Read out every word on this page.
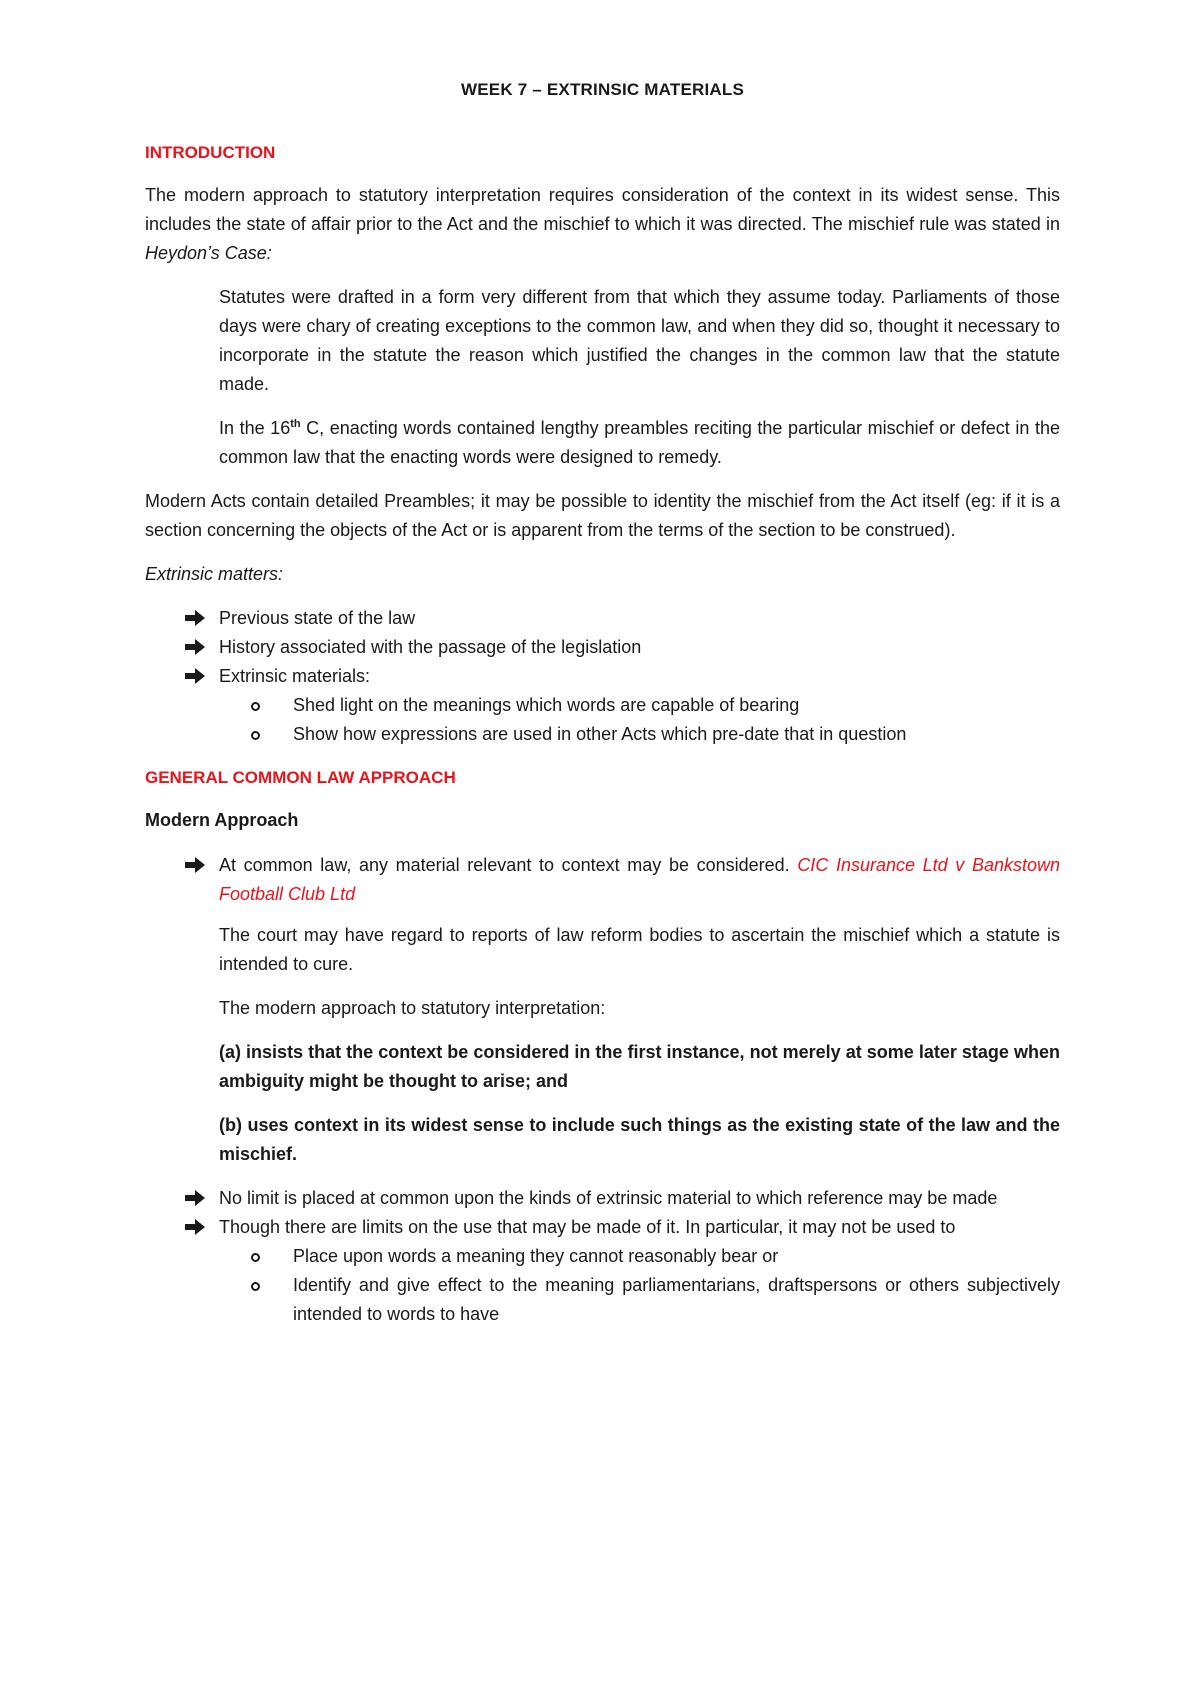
WEEK 7 – EXTRINSIC MATERIALS
INTRODUCTION

The modern approach to statutory interpretation requires consideration of the context in its widest sense. This includes the state of affair prior to the Act and the mischief to which it was directed. The mischief rule was stated in Heydon’s Case:

Statutes were drafted in a form very different from that which they assume today. Parliaments of those days were chary of creating exceptions to the common law, and when they did so, thought it necessary to incorporate in the statute the reason which justified the changes in the common law that the statute made.

In the 16th C, enacting words contained lengthy preambles reciting the particular mischief or defect in the common law that the enacting words were designed to remedy.

Modern Acts contain detailed Preambles; it may be possible to identity the mischief from the Act itself (eg: if it is a section concerning the objects of the Act or is apparent from the terms of the section to be construed).

Extrinsic matters:

Previous state of the law
History associated with the passage of the legislation
Extrinsic materials:
Shed light on the meanings which words are capable of bearing
Show how expressions are used in other Acts which pre-date that in question
GENERAL COMMON LAW APPROACH
Modern Approach
At common law, any material relevant to context may be considered. CIC Insurance Ltd v Bankstown Football Club Ltd

The court may have regard to reports of law reform bodies to ascertain the mischief which a statute is intended to cure.

The modern approach to statutory interpretation:

(a) insists that the context be considered in the first instance, not merely at some later stage when ambiguity might be thought to arise; and

(b) uses context in its widest sense to include such things as the existing state of the law and the mischief.

No limit is placed at common upon the kinds of extrinsic material to which reference may be made
Though there are limits on the use that may be made of it. In particular, it may not be used to
Place upon words a meaning they cannot reasonably bear or
Identify and give effect to the meaning parliamentarians, draftspersons or others subjectively intended to words to have
